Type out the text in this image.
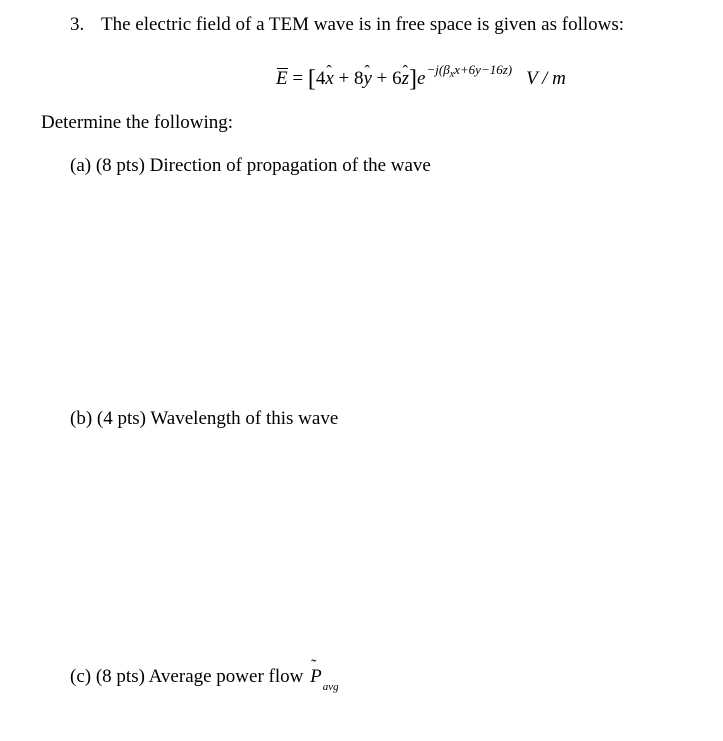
3. The electric field of a TEM wave is in free space is given as follows:
E = [4ˆ x + 8ˆ y + 6ˆ $z]e^{-j(\beta_xx+6y-16z)}$ V / m
Determine the following:
(a) (8 pts) Direction of propagation of the wave
(b) (4 pts) Wavelength of this wave
(c) (8 pts) Average power flow ˜ $P_{avg}$
